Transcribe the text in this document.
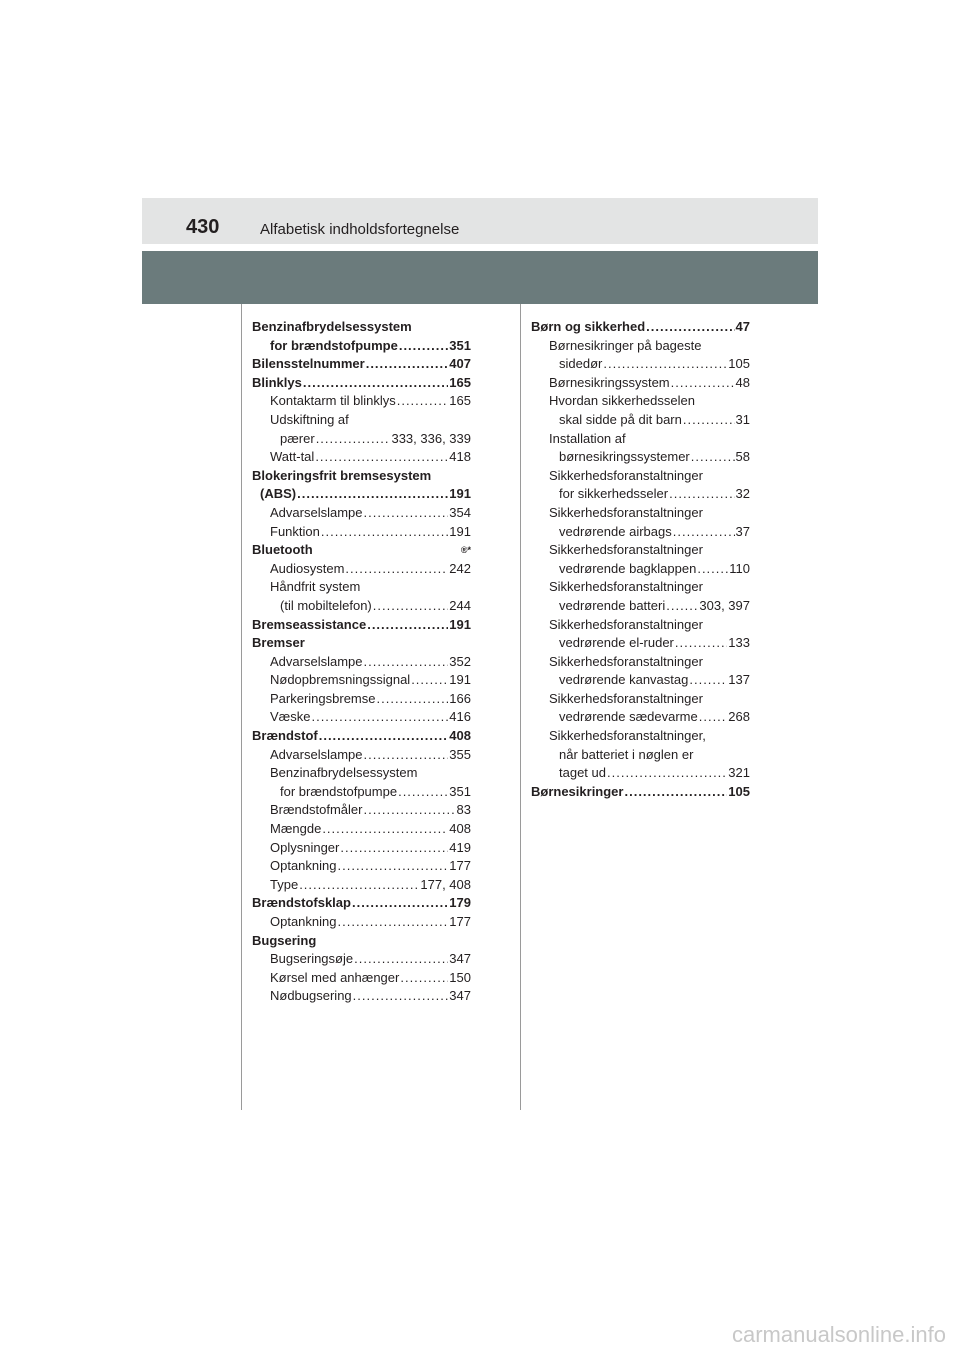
430	Alfabetisk indholdsfortegnelse
Benzinafbrydelsessystem
for brændstofpumpe .....	351
Bilensstelnummer .....	407
Blinklys .....	165
Kontaktarm til blinklys .....	165
Udskiftning af
pærer .....	333, 336, 339
Watt-tal .....	418
Blokeringsfrit bremsesystem
(ABS) .....	191
Advarselslampe .....	354
Funktion .....	191
Bluetooth	®*
Audiosystem .....	242
Håndfrit system
(til mobiltelefon) .....	244
Bremseassistance .....	191
Bremser
Advarselslampe .....	352
Nødopbremsningssignal .....	191
Parkeringsbremse .....	166
Væske .....	416
Brændstof .....	408
Advarselslampe .....	355
Benzinafbrydelsessystem
for brændstofpumpe .....	351
Brændstofmåler .....	83
Mængde .....	408
Oplysninger .....	419
Optankning .....	177
Type .....	177, 408
Brændstofsklap .....	179
Optankning .....	177
Bugsering
Bugseringsøje .....	347
Kørsel med anhænger .....	150
Nødbugsering .....	347
Børn og sikkerhed .....	47
Børnesikringer på bageste
sidedør .....	105
Børnesikringssystem .....	48
Hvordan sikkerhedsselen
skal sidde på dit barn .....	31
Installation af
børnesikringssystemer .....	58
Sikkerhedsforanstaltninger
for sikkerhedsseler .....	32
Sikkerhedsforanstaltninger
vedrørende airbags .....	37
Sikkerhedsforanstaltninger
vedrørende bagklappen .....	110
Sikkerhedsforanstaltninger
vedrørende batteri .....	303, 397
Sikkerhedsforanstaltninger
vedrørende el-ruder .....	133
Sikkerhedsforanstaltninger
vedrørende kanvastag .....	137
Sikkerhedsforanstaltninger
vedrørende sædevarme ..... 268
Sikkerhedsforanstaltninger,
når batteriet i nøglen er
taget ud .....	321
Børnesikringer .....	105
carmanualsonline.info
